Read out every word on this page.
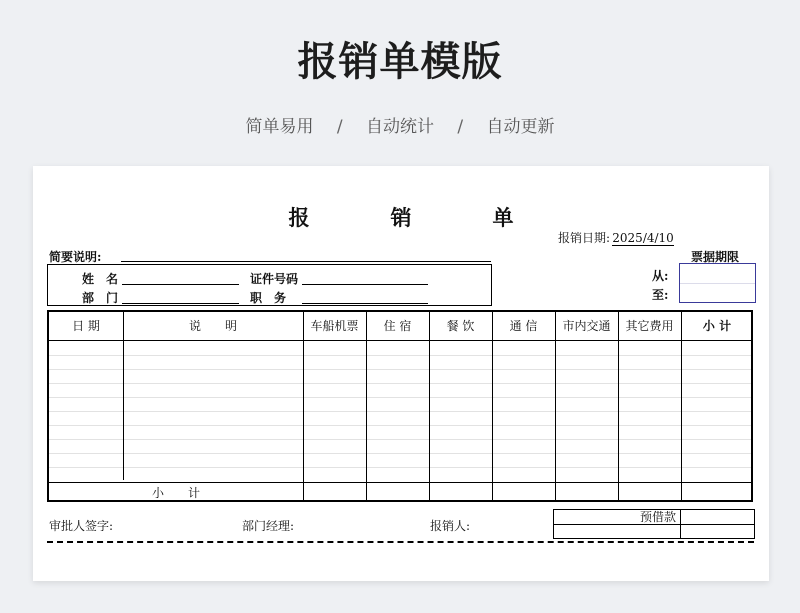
报销单模版
简单易用 / 自动统计 / 自动更新
报　销　单
报销日期: 2025/4/10
简要说明:	票据期限
姓　名	证件号码
部　门	职　务
从:
至:
日 期	说　　明	车船机票	住 宿	餐 饮	通 信	市内交通	其它费用	小 计
小　　计
审批人签字:	部门经理:	报销人:
预借款
